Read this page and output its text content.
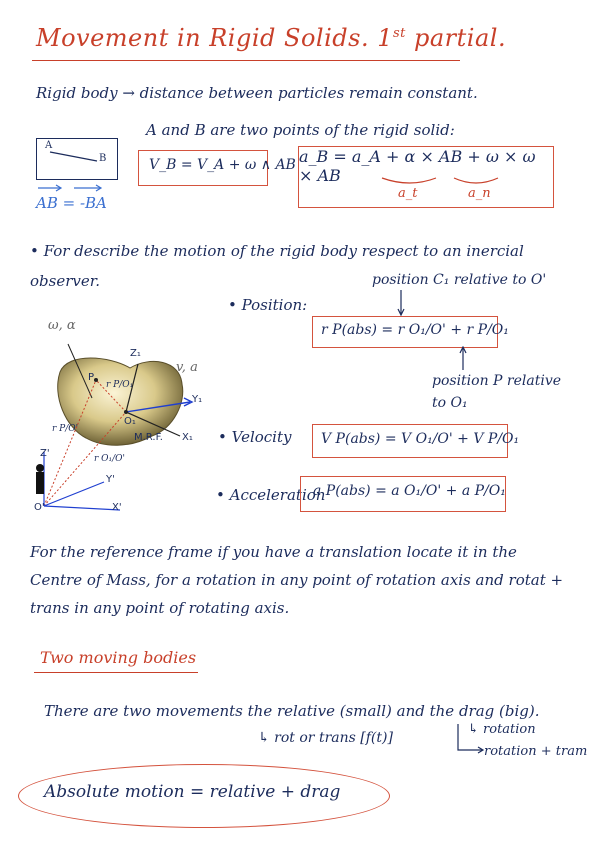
Movement in Rigid Solids. 1st partial.
Rigid body → distance between particles remain constant.
A and B are two points of the rigid solid:
A
B
AB = -BA
V_B = V_A + ω ∧ AB a_B = a_A + α × AB + ω × ω × AB
a_t	a_n
• For describe the motion of the rigid body respect to an inercial observer.	position C₁ relative to O'
• Position:
r P(abs) = r O₁/O' + r P/O₁
position P relative to O₁
• Velocity V P(abs) = V O₁/O' + V P/O₁
• Acceleration
a P(abs) = a O₁/O' + a P/O₁
ω, α
v, a
Z₁
Y₁
X₁
P
r P/O₁
O₁
M.R.F.
r P/O'
r O₁/O'
Z'
Y'
X'
O'
For the reference frame if you have a translation locate it in the Centre of Mass, for a rotation in any point of rotation axis and rotat + trans in any point of rotating axis.
Two moving bodies
There are two movements the relative (small) and the drag (big).
↳ rot or trans [f(t)]
↳ rotation
rotation + tram
Absolute motion = relative + drag
